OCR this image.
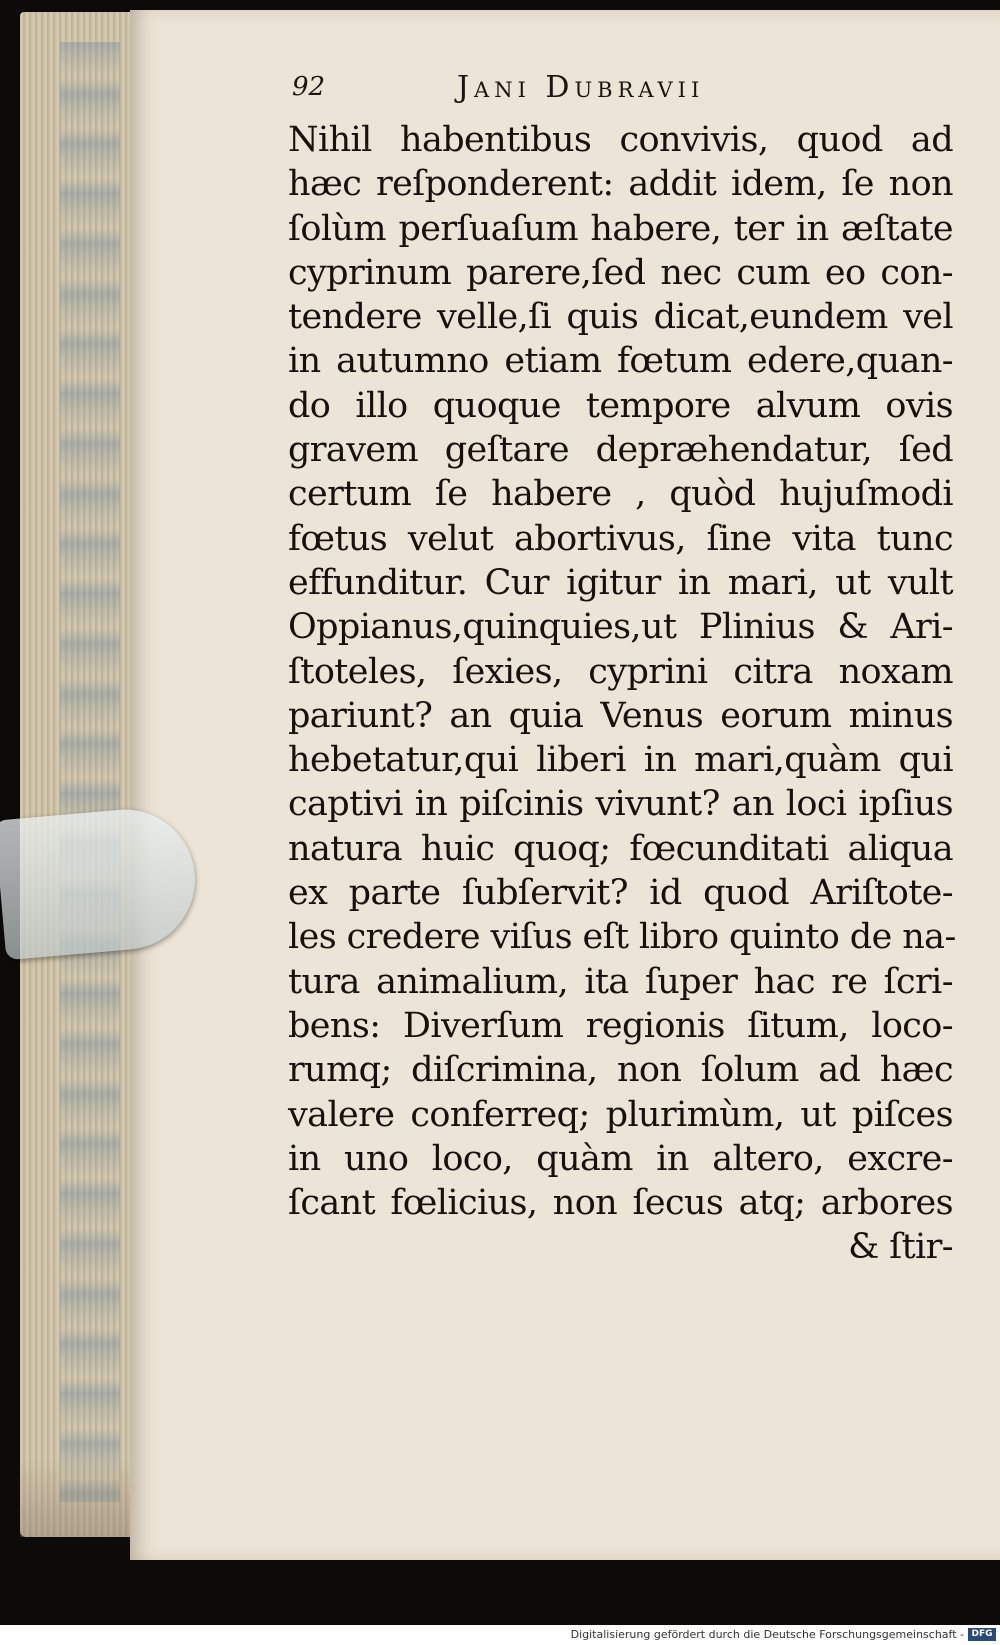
92	Jani Dubravii
Nihil habentibus convivis, quod ad
hæc reſponderent: addit idem, ſe non
ſolùm perſuaſum habere, ter in æſtate
cyprinum parere,ſed nec cum eo con-
tendere velle,ſi quis dicat,eundem vel
in autumno etiam fœtum edere,quan-
do illo quoque tempore alvum ovis
gravem geſtare depræhendatur, ſed
certum ſe habere , quòd hujuſmodi
fœtus velut abortivus, ſine vita tunc
effunditur. Cur igitur in mari, ut vult
Oppianus,quinquies,ut Plinius & Ari-
ſtoteles, ſexies, cyprini citra noxam
pariunt? an quia Venus eorum minus
hebetatur,qui liberi in mari,quàm qui
captivi in piſcinis vivunt? an loci ipſius
natura huic quoq; fœcunditati aliqua
ex parte ſubſervit? id quod Ariſtote-
les credere viſus eſt libro quinto de na-
tura animalium, ita ſuper hac re ſcri-
bens: Diverſum regionis ſitum, loco-
rumq; diſcrimina, non ſolum ad hæc
valere conferreq; plurimùm, ut piſces
in uno loco, quàm in altero, excre-
ſcant fœlicius, non ſecus atq; arbores
& ſtir-
Digitalisierung gefördert durch die Deutsche Forschungsgemeinschaft - DFG
